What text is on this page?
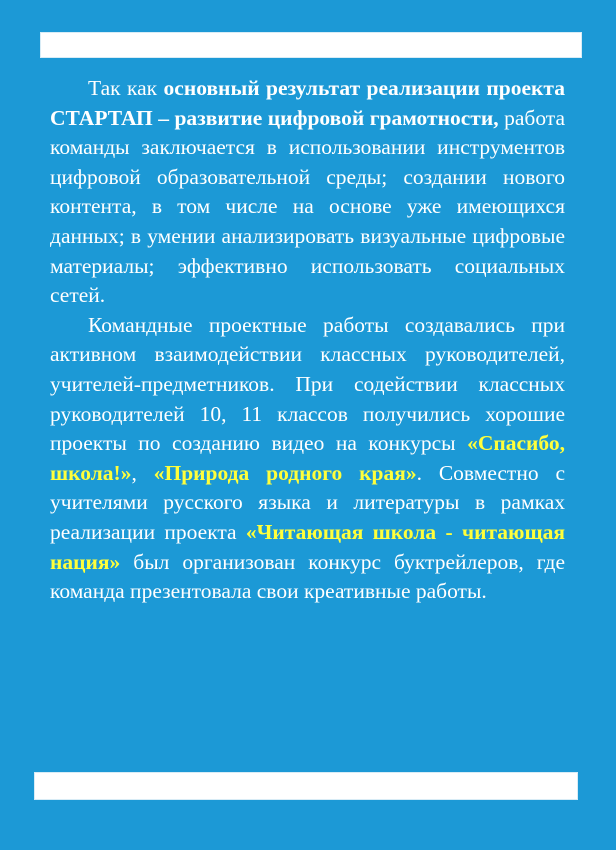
Так как основный результат реализации проекта СТАРТАП – развитие цифровой грамотности, работа команды заключается в использовании инструментов цифровой образовательной среды; создании нового контента, в том числе на основе уже имеющихся данных; в умении анализировать визуальные цифровые материалы; эффективно использовать социальных сетей.

Командные проектные работы создавались при активном взаимодействии классных руководителей, учителей-предметников. При содействии классных руководителей 10, 11 классов получились хорошие проекты по созданию видео на конкурсы «Спасибо, школа!», «Природа родного края». Совместно с учителями русского языка и литературы в рамках реализации проекта «Читающая школа - читающая нация» был организован конкурс буктрейлеров, где команда презентовала свои креативные работы.
